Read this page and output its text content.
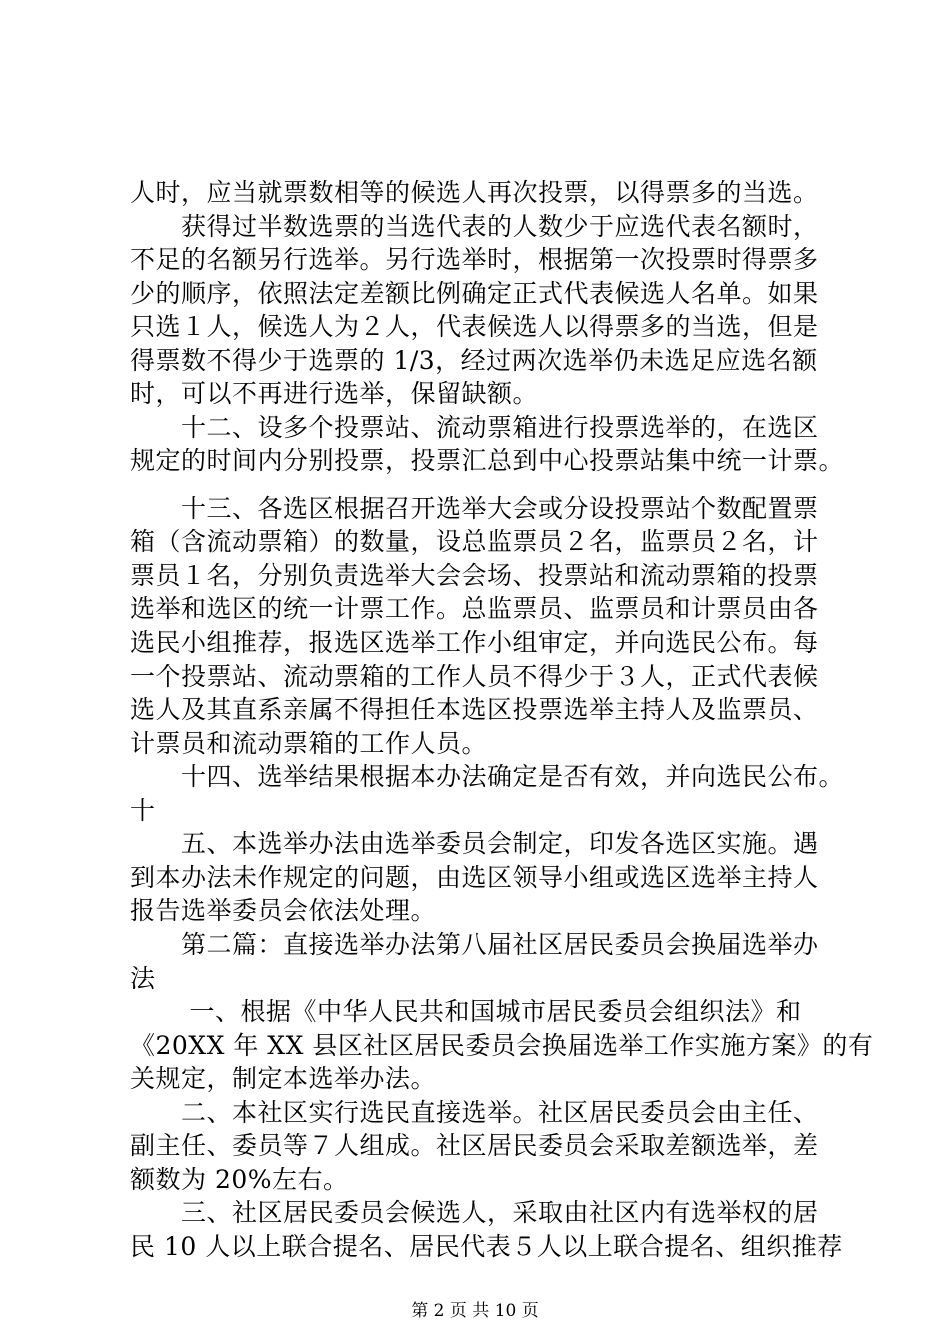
人时，应当就票数相等的候选人再次投票，以得票多的当选。

　　获得过半数选票的当选代表的人数少于应选代表名额时，

不足的名额另行选举。另行选举时，根据第一次投票时得票多

少的顺序，依照法定差额比例确定正式代表候选人名单。如果

只选１人，候选人为２人，代表候选人以得票多的当选，但是

得票数不得少于选票的 1/3，经过两次选举仍未选足应选名额

时，可以不再进行选举，保留缺额。

　　十二、设多个投票站、流动票箱进行投票选举的，在选区

规定的时间内分别投票，投票汇总到中心投票站集中统一计票。

　　十三、各选区根据召开选举大会或分设投票站个数配置票

箱（含流动票箱）的数量，设总监票员２名，监票员２名，计

票员１名，分别负责选举大会会场、投票站和流动票箱的投票

选举和选区的统一计票工作。总监票员、监票员和计票员由各

选民小组推荐，报选区选举工作小组审定，并向选民公布。每

一个投票站、流动票箱的工作人员不得少于３人，正式代表候

选人及其直系亲属不得担任本选区投票选举主持人及监票员、

计票员和流动票箱的工作人员。

　　十四、选举结果根据本办法确定是否有效，并向选民公布。

十

　　五、本选举办法由选举委员会制定，印发各选区实施。遇

到本办法未作规定的问题，由选区领导小组或选区选举主持人

报告选举委员会依法处理。

　　第二篇：直接选举办法第八届社区居民委员会换届选举办

法

　　 一、根据《中华人民共和国城市居民委员会组织法》和

《20XX 年 XX 县区社区居民委员会换届选举工作实施方案》的有

关规定，制定本选举办法。

　　二、本社区实行选民直接选举。社区居民委员会由主任、

副主任、委员等７人组成。社区居民委员会采取差额选举，差

额数为 20%左右。

　　三、社区居民委员会候选人，采取由社区内有选举权的居

民 10 人以上联合提名、居民代表５人以上联合提名、组织推荐

第 2 页 共 10 页
